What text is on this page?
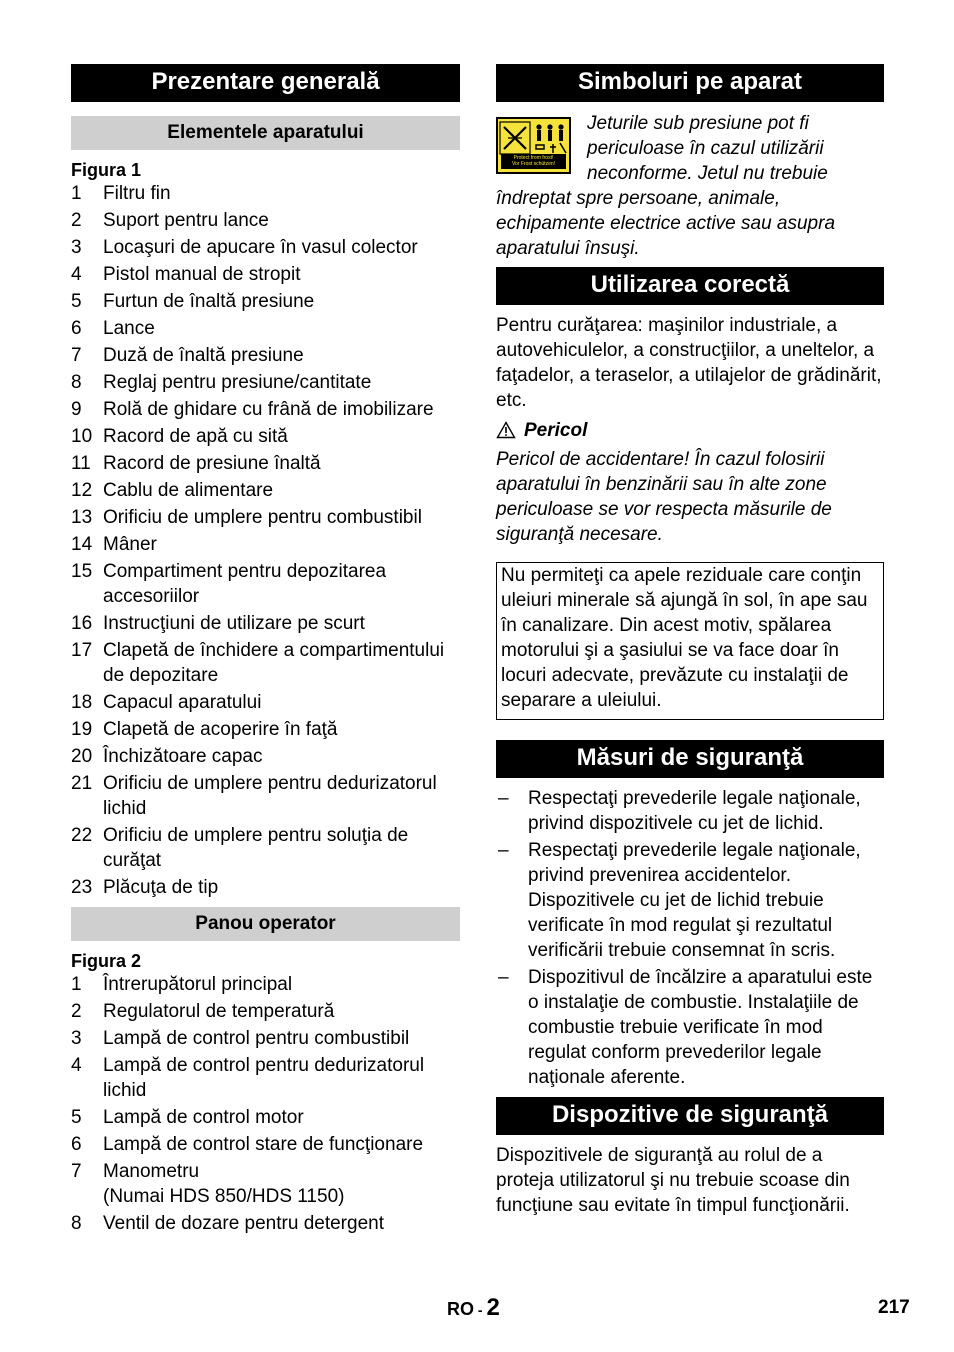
Prezentare generală
Elementele aparatului
Figura 1
1 Filtru fin
2 Suport pentru lance
3 Locaşuri de apucare în vasul colector
4 Pistol manual de stropit
5 Furtun de înaltă presiune
6 Lance
7 Duză de înaltă presiune
8 Reglaj pentru presiune/cantitate
9 Rolă de ghidare cu frână de imobilizare
10 Racord de apă cu sită
11 Racord de presiune înaltă
12 Cablu de alimentare
13 Orificiu de umplere pentru combustibil
14 Mâner
15 Compartiment pentru depozitarea accesoriilor
16 Instrucţiuni de utilizare pe scurt
17 Clapetă de închidere a compartimentului de depozitare
18 Capacul aparatului
19 Clapetă de acoperire în faţă
20 Închizătoare capac
21 Orificiu de umplere pentru dedurizatorul lichid
22 Orificiu de umplere pentru soluţia de curăţat
23 Plăcuţa de tip
Panou operator
Figura 2
1 Întrerupătorul principal
2 Regulatorul de temperatură
3 Lampă de control pentru combustibil
4 Lampă de control pentru dedurizatorul lichid
5 Lampă de control motor
6 Lampă de control stare de funcţionare
7 Manometru
(Numai HDS 850/HDS 1150)
8 Ventil de dozare pentru detergent
Simboluri pe aparat
Protect from frost!
Vor Frost schützen!
Jeturile sub presiune pot fi periculoase în cazul utilizării neconforme. Jetul nu trebuie îndreptat spre persoane, animale, echipamente electrice active sau asupra aparatului însuşi.
Utilizarea corectă
Pentru curăţarea: maşinilor industriale, a autovehiculelor, a construcţiilor, a uneltelor, a faţadelor, a teraselor, a utilajelor de grădinărit, etc.
Pericol
Pericol de accidentare! În cazul folosirii aparatului în benzinării sau în alte zone periculoase se vor respecta măsurile de siguranţă necesare.
Nu permiteţi ca apele reziduale care conţin uleiuri minerale să ajungă în sol, în ape sau în canalizare. Din acest motiv, spălarea motorului şi a şasiului se va face doar în locuri adecvate, prevăzute cu instalaţii de separare a uleiului.
Măsuri de siguranţă
– Respectaţi prevederile legale naţionale, privind dispozitivele cu jet de lichid.
– Respectaţi prevederile legale naţionale, privind prevenirea accidentelor. Dispozitivele cu jet de lichid trebuie verificate în mod regulat şi rezultatul verificării trebuie consemnat în scris.
– Dispozitivul de încălzire a aparatului este o instalaţie de combustie. Instalaţiile de combustie trebuie verificate în mod regulat conform prevederilor legale naţionale aferente.
Dispozitive de siguranţă
Dispozitivele de siguranţă au rolul de a proteja utilizatorul şi nu trebuie scoase din funcţiune sau evitate în timpul funcţionării.
RO - 2	217
